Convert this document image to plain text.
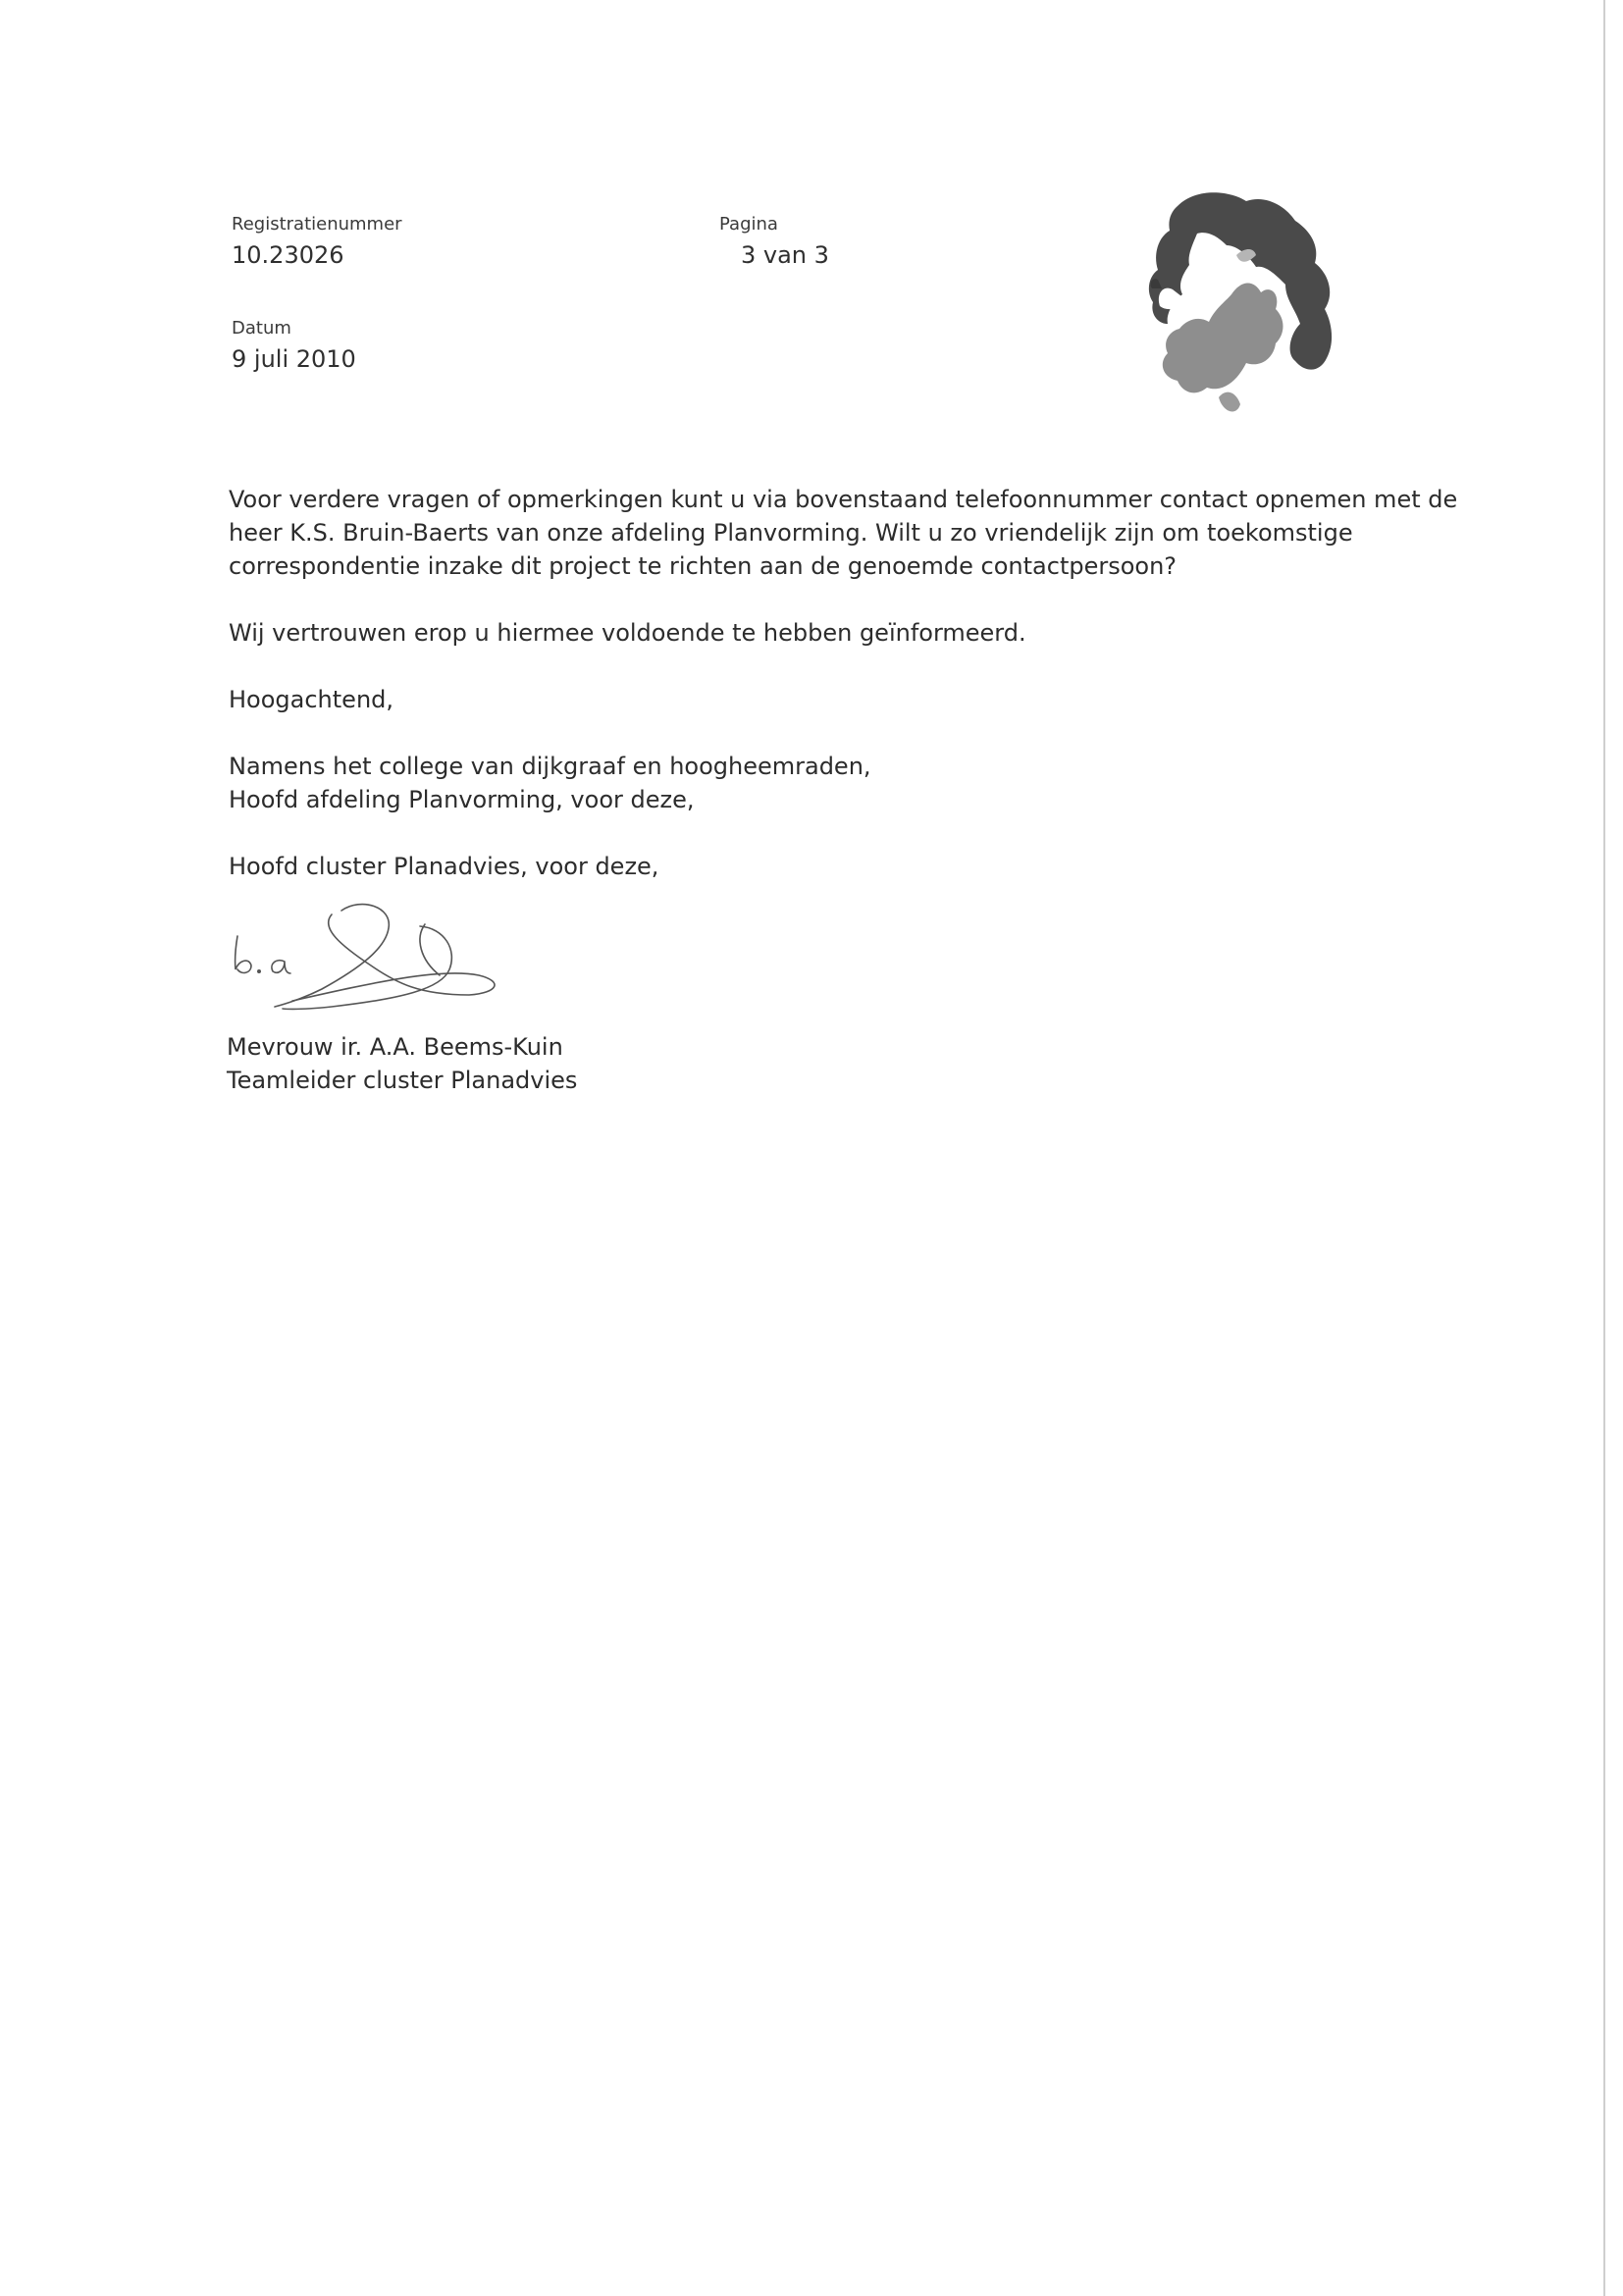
Registratienummer
10.23026
Pagina
3 van 3
Datum
9 juli 2010

Voor verdere vragen of opmerkingen kunt u via bovenstaand telefoonnummer contact opnemen met de heer K.S. Bruin-Baerts van onze afdeling Planvorming. Wilt u zo vriendelijk zijn om toekomstige correspondentie inzake dit project te richten aan de genoemde contactpersoon?

Wij vertrouwen erop u hiermee voldoende te hebben geïnformeerd.

Hoogachtend,

Namens het college van dijkgraaf en hoogheemraden,

Hoofd afdeling Planvorming, voor deze,

Hoofd cluster Planadvies, voor deze,

Mevrouw ir. A.A. Beems-Kuin
Teamleider cluster Planadvies
